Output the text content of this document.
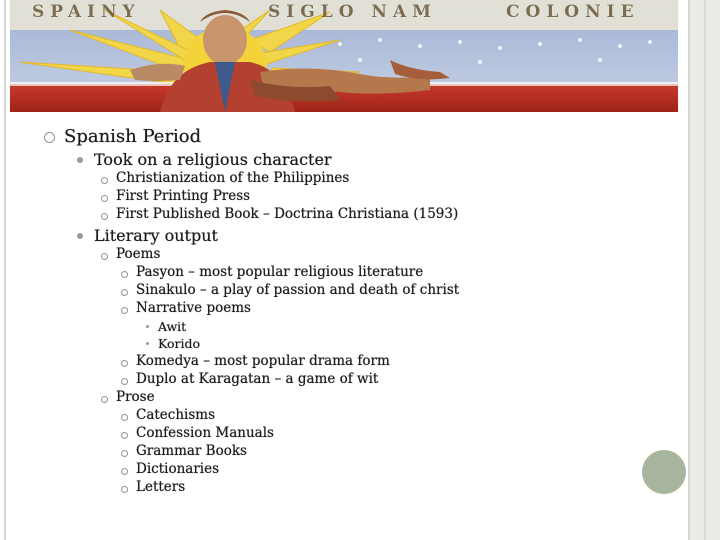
SPAINY	SIGLO NAM	COLONIE
Spanish Period
Took on a religious character
Christianization of the Philippines
First Printing Press
First Published Book – Doctrina Christiana (1593)
Literary output
Poems
Pasyon – most popular religious literature
Sinakulo – a play of passion and death of christ
Narrative poems
Awit
Korido
Komedya – most popular drama form
Duplo at Karagatan – a game of wit
Prose
Catechisms
Confession Manuals
Grammar Books
Dictionaries
Letters
